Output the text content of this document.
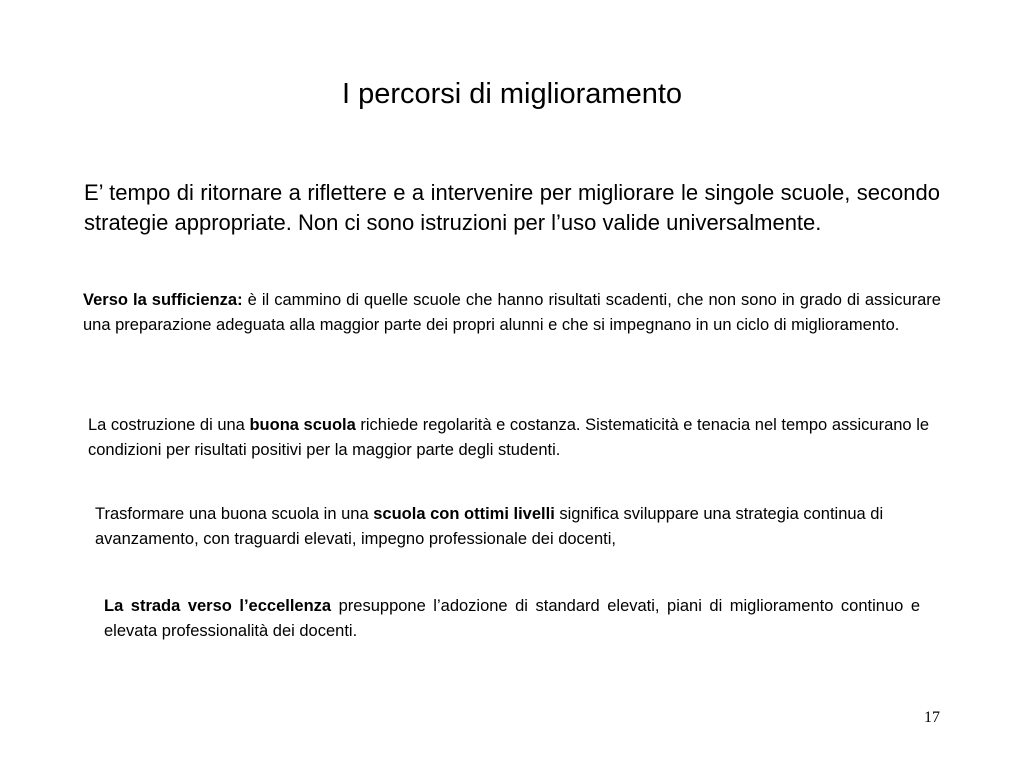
I percorsi di miglioramento
E’ tempo di ritornare a riflettere e a intervenire per migliorare le singole scuole, secondo strategie appropriate. Non ci sono istruzioni per l’uso valide universalmente.
Verso la sufficienza: è il cammino di quelle scuole che hanno risultati scadenti, che non sono in grado di assicurare una preparazione adeguata alla maggior parte dei propri alunni e che si impegnano in un ciclo di miglioramento.
La costruzione di una buona scuola richiede regolarità e costanza. Sistematicità e tenacia nel tempo assicurano le condizioni per risultati positivi per la maggior parte degli studenti.
Trasformare una buona scuola in una scuola con ottimi livelli significa sviluppare una strategia continua di avanzamento, con traguardi elevati, impegno professionale dei docenti,
La strada verso l’eccellenza presuppone l’adozione di standard elevati, piani di miglioramento continuo e elevata professionalità dei docenti.
17
